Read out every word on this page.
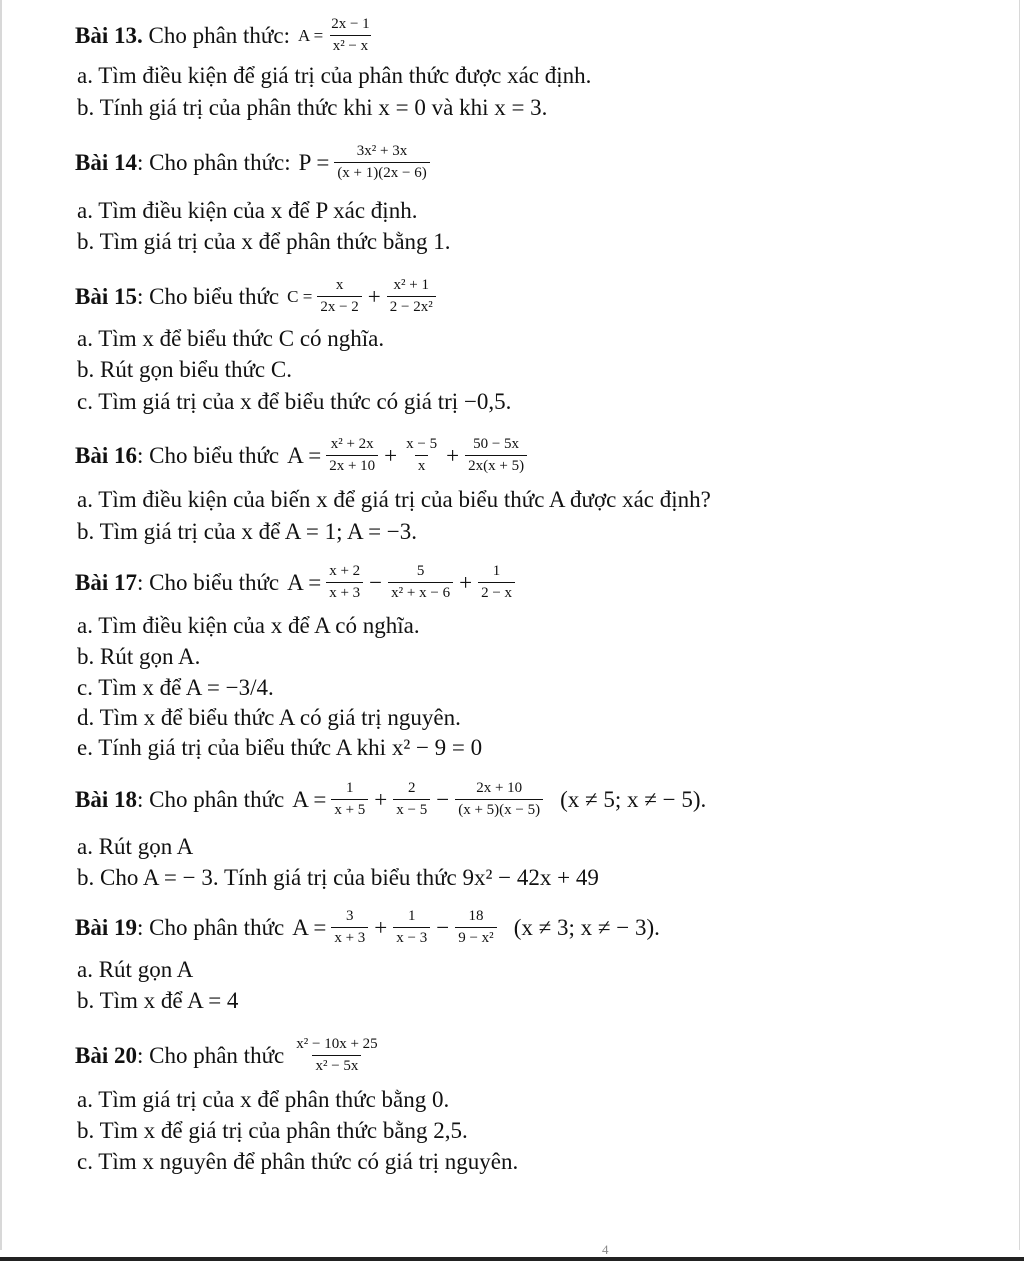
Bài 13.
Cho phân thức: $A = \frac{2x - 1}{\text{x² − x}}$
a. Tìm điều kiện để giá trị của phân thức được xác định.
b. Tính giá trị của phân thức khi x = 0 và khi x = 3.
Bài 14 : Cho phân thức: $P = \frac{\text{3x² + 3x}}{(x + 1)(2x - 6)}$
a. Tìm điều kiện của x để P xác định.
b. Tìm giá trị của x để phân thức bằng 1.
Bài 15 : Cho biểu thức $C = \frac{x}{2x - 2} + \frac{\text{x² + 1}}{\text{2 − 2x²}}$
a. Tìm x để biểu thức C có nghĩa.
b. Rút gọn biểu thức C.
c. Tìm giá trị của x để biểu thức có giá trị −0,5.
Bài 16 : Cho biểu thức $A = \frac{\text{x² + 2x}}{2x + 10} + \frac{x - 5}{x} + \frac{50 - 5x}{2x(x + 5)}$
a. Tìm điều kiện của biến x để giá trị của biểu thức A được xác định?
b. Tìm giá trị của x để A = 1; A = −3.
Bài 17 : Cho biểu thức $A = \frac{x + 2}{x + 3} - \frac{5}{\text{x² + x − 6}} + \frac{1}{2 - x}$
a. Tìm điều kiện của x để A có nghĩa.
b. Rút gọn A.
c. Tìm x để A = −3/4.
d. Tìm x để biểu thức A có giá trị nguyên.
e. Tính giá trị của biểu thức A khi x² − 9 = 0
Bài 18 : Cho phân thức $A = \frac{1}{x + 5} + \frac{2}{x - 5} - \frac{2x + 10}{(x + 5)(x - 5)} (x \ne 5$; x ≠ − 5).
a. Rút gọn A
b. Cho A = − 3. Tính giá trị của biểu thức 9x² − 42x + 49
Bài 19 : Cho phân thức $A = \frac{3}{x + 3} + \frac{1}{x - 3} - \frac{18}{\text{9 − x²}} (x \ne 3$; x ≠ − 3).
a. Rút gọn A
b. Tìm x để A = 4
Bài 20 : Cho phân thức $\frac{\text{x² − 10x + 25}}{\text{x² − 5x}}$
a. Tìm giá trị của x để phân thức bằng 0.
b. Tìm x để giá trị của phân thức bằng 2,5.
c. Tìm x nguyên để phân thức có giá trị nguyên.
4
